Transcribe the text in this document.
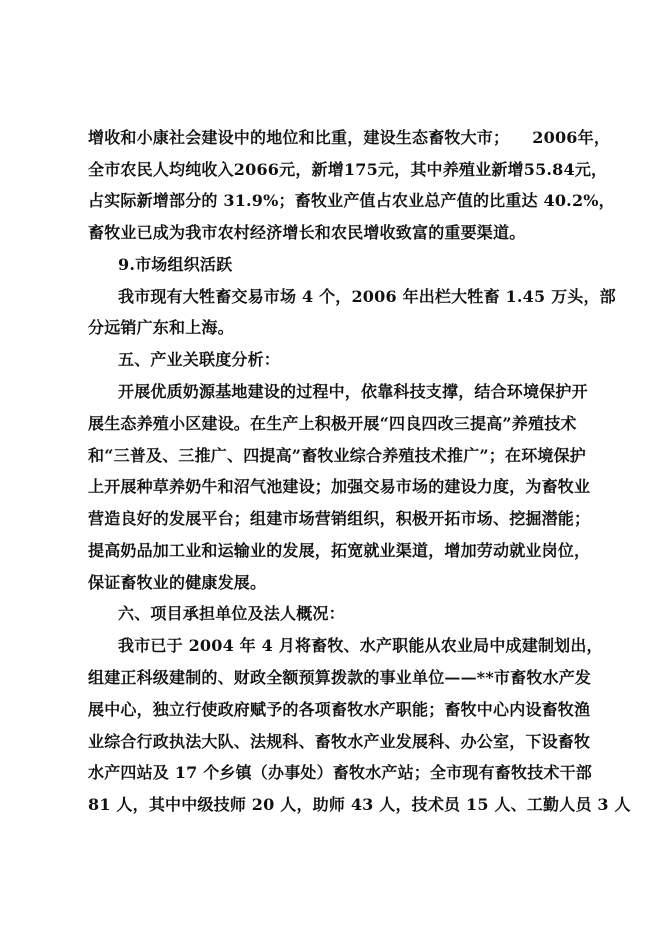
增收和小康社会建设中的地位和比重，建设生态畜牧大市；    2006年，
全市农民人均纯收入2066元，新增175元，其中养殖业新增55.84元，
占实际新增部分的 31.9%；畜牧业产值占农业总产值的比重达 40.2%，
畜牧业已成为我市农村经济增长和农民增收致富的重要渠道。
9.市场组织活跃
我市现有大牲畜交易市场 4 个，2006 年出栏大牲畜 1.45 万头，部
分远销广东和上海。
五、产业关联度分析：
开展优质奶源基地建设的过程中，依靠科技支撑，结合环境保护开
展生态养殖小区建设。在生产上积极开展“四良四改三提高”养殖技术
和“三普及、三推广、四提高”畜牧业综合养殖技术推广”；在环境保护
上开展种草养奶牛和沼气池建设；加强交易市场的建设力度，为畜牧业
营造良好的发展平台；组建市场营销组织，积极开拓市场、挖掘潜能；
提高奶品加工业和运输业的发展，拓宽就业渠道，增加劳动就业岗位，
保证畜牧业的健康发展。
六、项目承担单位及法人概况：
我市已于 2004 年 4 月将畜牧、水产职能从农业局中成建制划出，
组建正科级建制的、财政全额预算拨款的事业单位——**市畜牧水产发
展中心，独立行使政府赋予的各项畜牧水产职能；畜牧中心内设畜牧渔
业综合行政执法大队、法规科、畜牧水产业发展科、办公室，下设畜牧
水产四站及 17 个乡镇（办事处）畜牧水产站；全市现有畜牧技术干部
81 人，其中中级技师 20 人，助师 43 人，技术员 15 人、工勤人员 3 人
